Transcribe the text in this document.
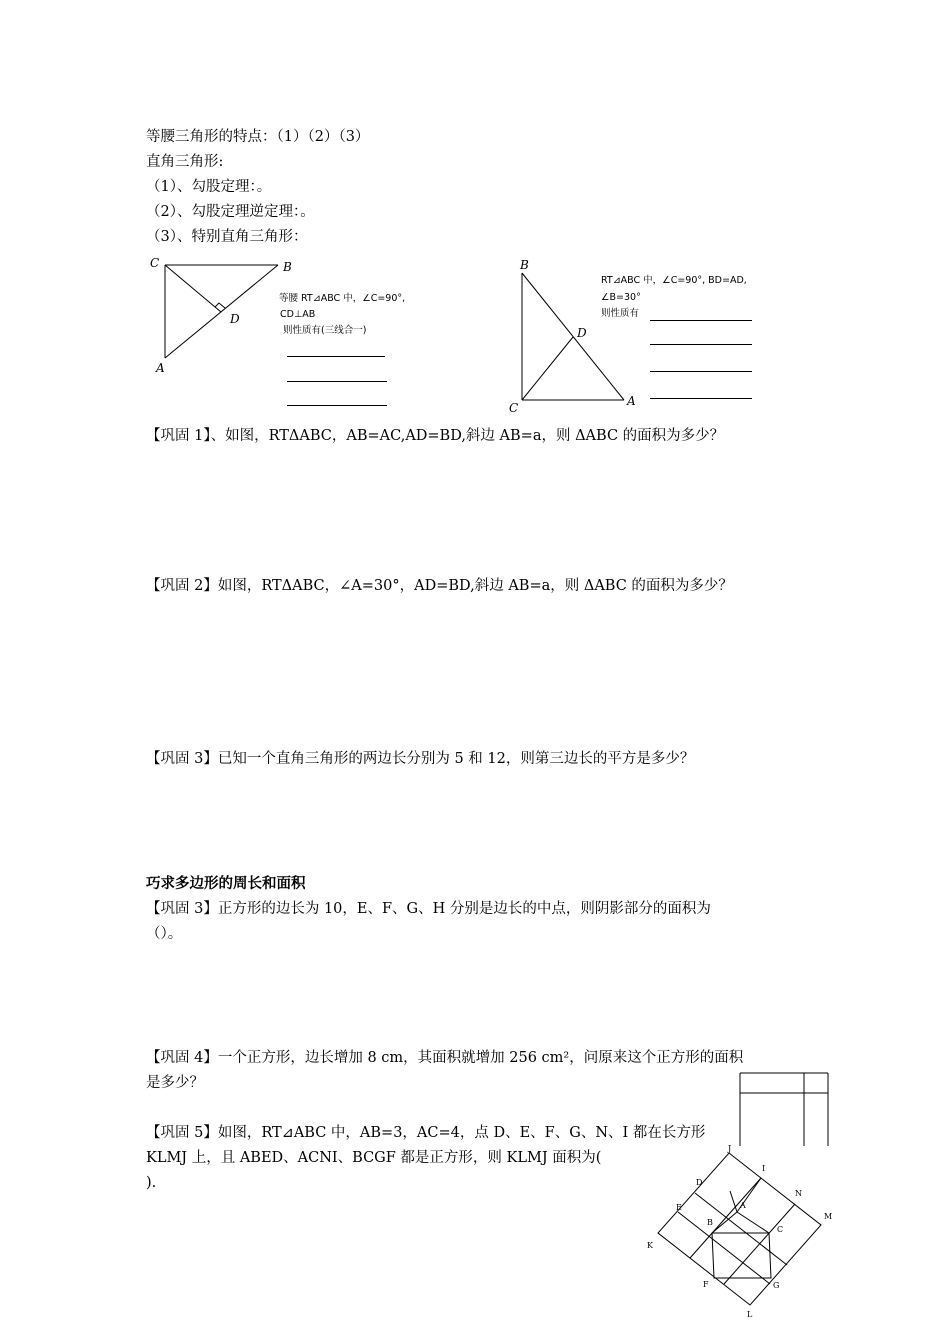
等腰三角形的特点：（1）（2）（3）
直角三角形:
（1）、勾股定理：。
（2）、勾股定理逆定理：。
（3）、特别直角三角形：
C	B
D
A
等腰 RT⊿ABC 中，∠C=90°,
CD⊥AB
则性质有(三线合一)
B
D
C	A
RT⊿ABC 中，∠C=90°, BD=AD,
∠B=30°
则性质有
【巩固 1】、如图，RTΔABC，AB=AC,AD=BD,斜边 AB=a，则 ΔABC 的面积为多少？
【巩固 2】如图，RTΔABC，∠A=30°，AD=BD,斜边 AB=a，则 ΔABC 的面积为多少？
【巩固 3】已知一个直角三角形的两边长分别为 5 和 12，则第三边长的平方是多少？
巧求多边形的周长和面积
【巩固 3】正方形的边长为 10，E、F、G、H 分别是边长的中点，则阴影部分的面积为
（）。
【巩固 4】一个正方形，边长增加 8 cm，其面积就增加 256 cm²，问原来这个正方形的面积
是多少？
【巩固 5】如图，RT⊿ABC 中，AB=3，AC=4，点 D、E、F、G、N、I 都在长方形
KLMJ 上，且 ABED、ACNI、BCGF 都是正方形，则 KLMJ 面积为(
).
J
I
D
N
E	A
M
B
C
K
F	G
L
